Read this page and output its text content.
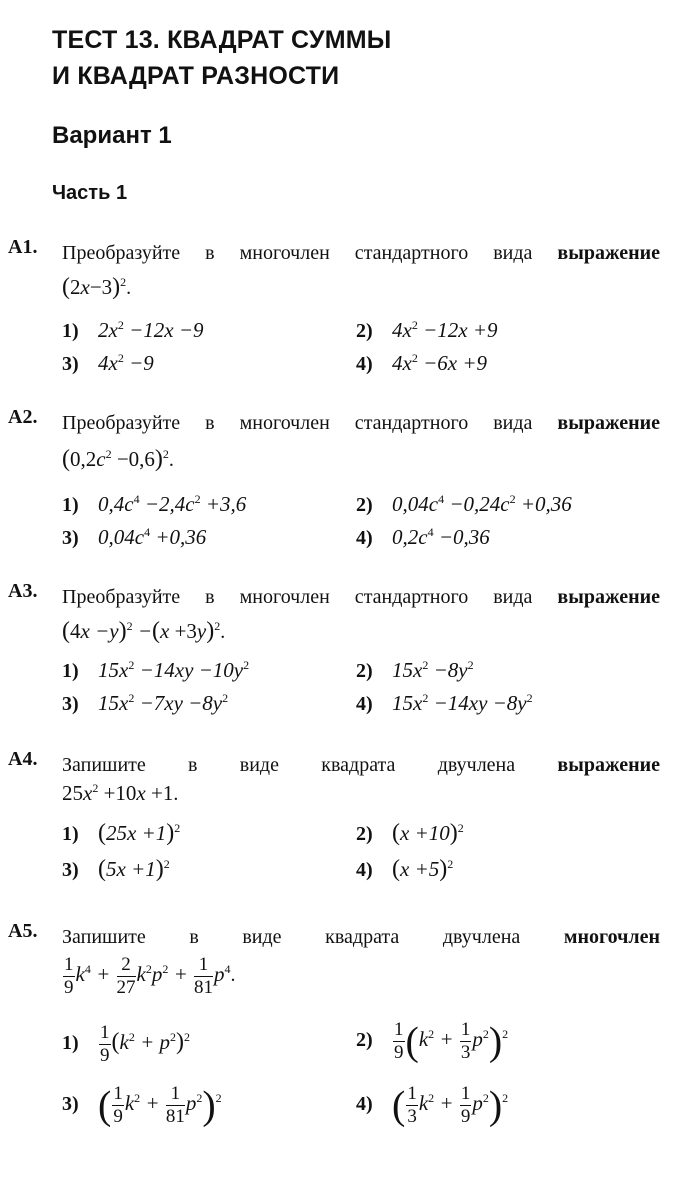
ТЕСТ 13. КВАДРАТ СУММЫ
И КВАДРАТ РАЗНОСТИ
Вариант 1
Часть 1
A1. Преобразуйте в многочлен стандартного вида выражение
$(2x-3)^2$.
1) $2x^2 -12x -9$	2) $4x^2 -12x +9$
3) $4x^2 -9$	4) $4x^2 -6x +9$
A2. Преобразуйте в многочлен стандартного вида выражение
$(0,2c^2 -0,6)^2$.
1) $0,4c^4 -2,4c^2 +3,6$	2) $0,04c^4 -0,24c^2 +0,36$
3) $0,04c^4 +0,36$	4) $0,2c^4 -0,36$
A3. Преобразуйте в многочлен стандартного вида выражение
$(4x -y)^2 -(x +3y)^2$.
1) $15x^2 -14xy -10y^2$	2) $15x^2 -8y^2$
3) $15x^2 -7xy -8y^2$	4) $15x^2 -14xy -8y^2$
A4. Запишите в виде квадрата двучлена выражение
$25x^2 +10x +1$.
1) $(25x +1)^2$	2) $(x +10)^2$
3) $(5x +1)^2$	4) $(x +5)^2$
A5. Запишите в виде квадрата двучлена многочлен
$\frac{1}{9} k^4 + \frac{2}{27} k^2p^2 + \frac{1}{81} p^4$.
$1) \frac{1}{9} (k^2 + p^2)^2$	$2) \frac{1}{9} (k^2 + \frac{1}{3} p^2)^2$
3) ( $\frac{1}{9} k^2 + \frac{1}{81} p^2)^2$	4) ( $\frac{1}{3} k^2 + \frac{1}{9} p^2)^2$
